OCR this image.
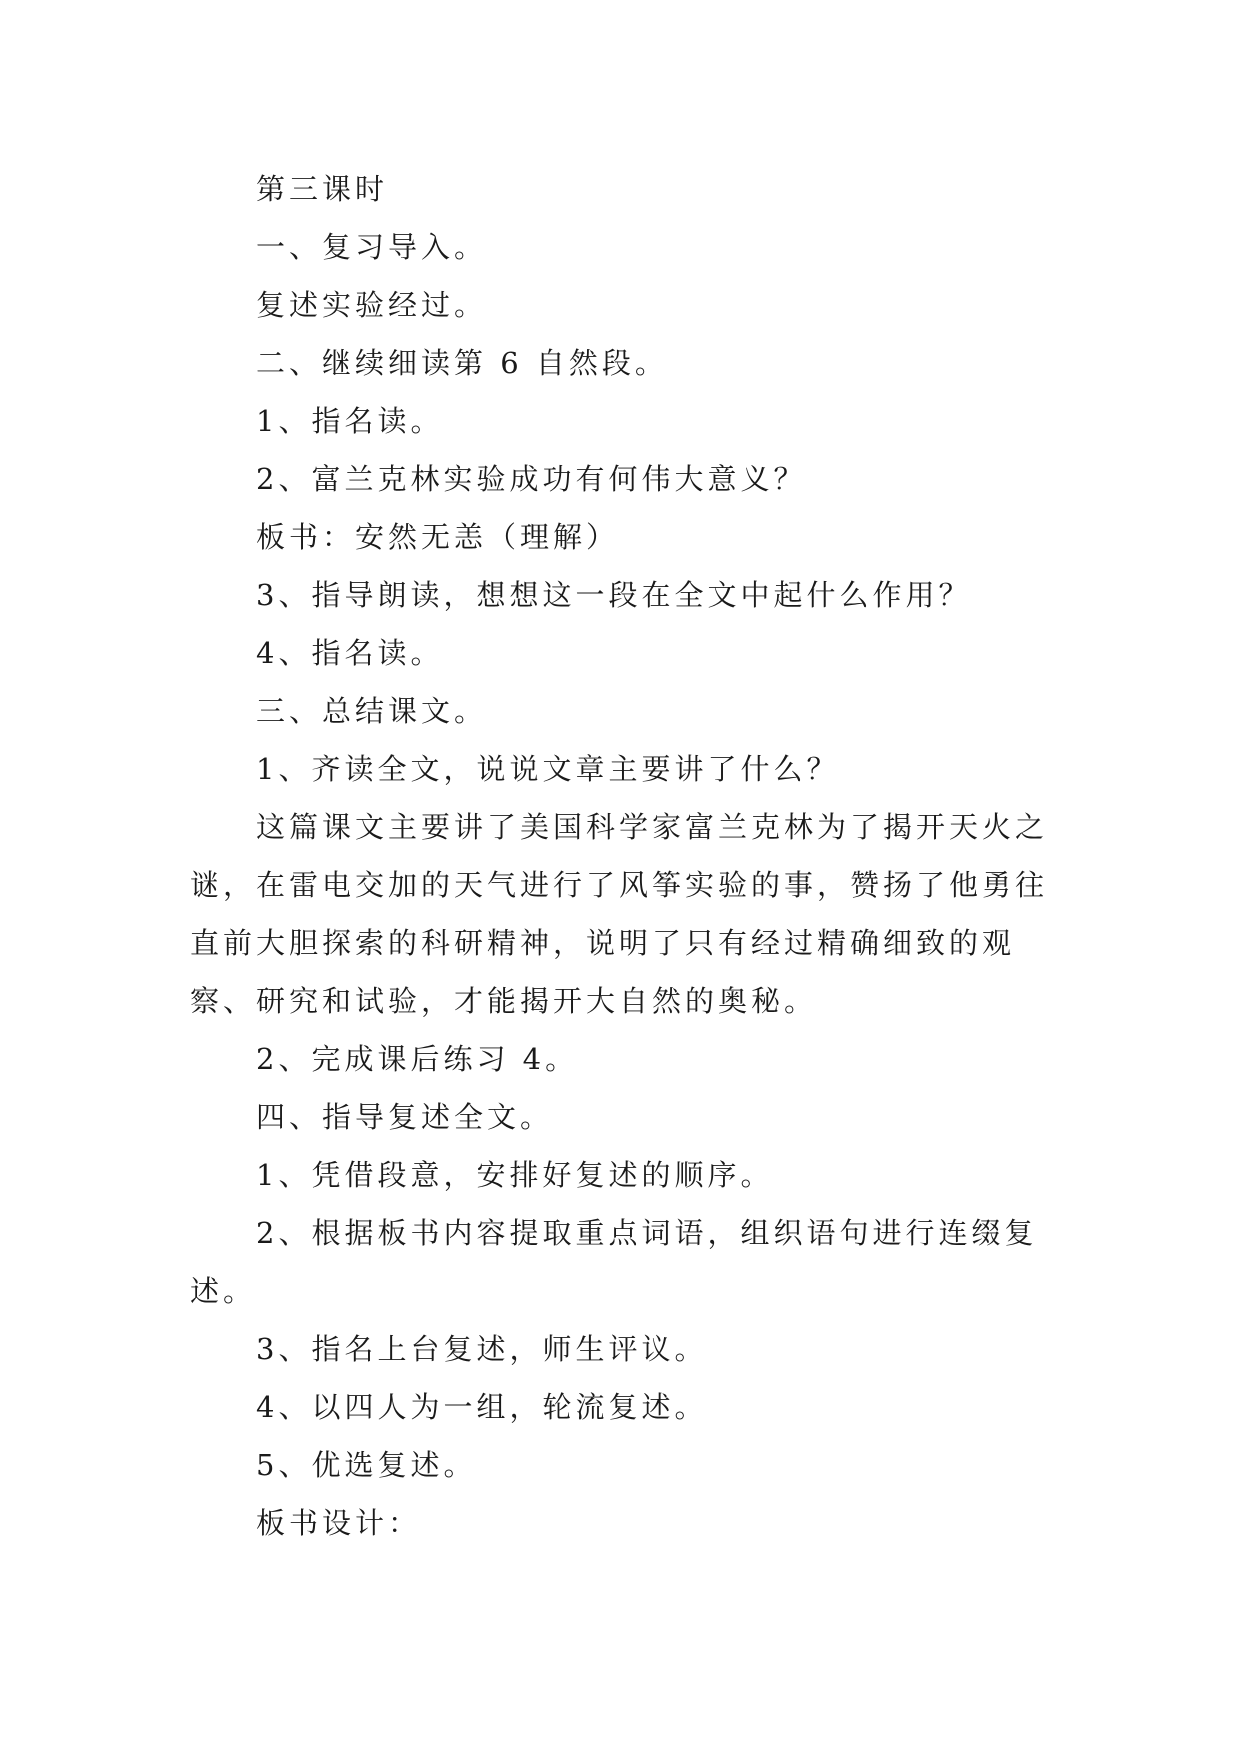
第三课时

一、复习导入。

复述实验经过。

二、继续细读第 6 自然段。

1、指名读。

2、富兰克林实验成功有何伟大意义？

板书：安然无恙（理解）

3、指导朗读，想想这一段在全文中起什么作用？

4、指名读。

三、总结课文。

1、齐读全文，说说文章主要讲了什么？

这篇课文主要讲了美国科学家富兰克林为了揭开天火之谜，在雷电交加的天气进行了风筝实验的事，赞扬了他勇往直前大胆探索的科研精神，说明了只有经过精确细致的观察、研究和试验，才能揭开大自然的奥秘。

2、完成课后练习 4。

四、指导复述全文。

1、凭借段意，安排好复述的顺序。

2、根据板书内容提取重点词语，组织语句进行连缀复述。

3、指名上台复述，师生评议。

4、以四人为一组，轮流复述。

5、优选复述。

板书设计：
